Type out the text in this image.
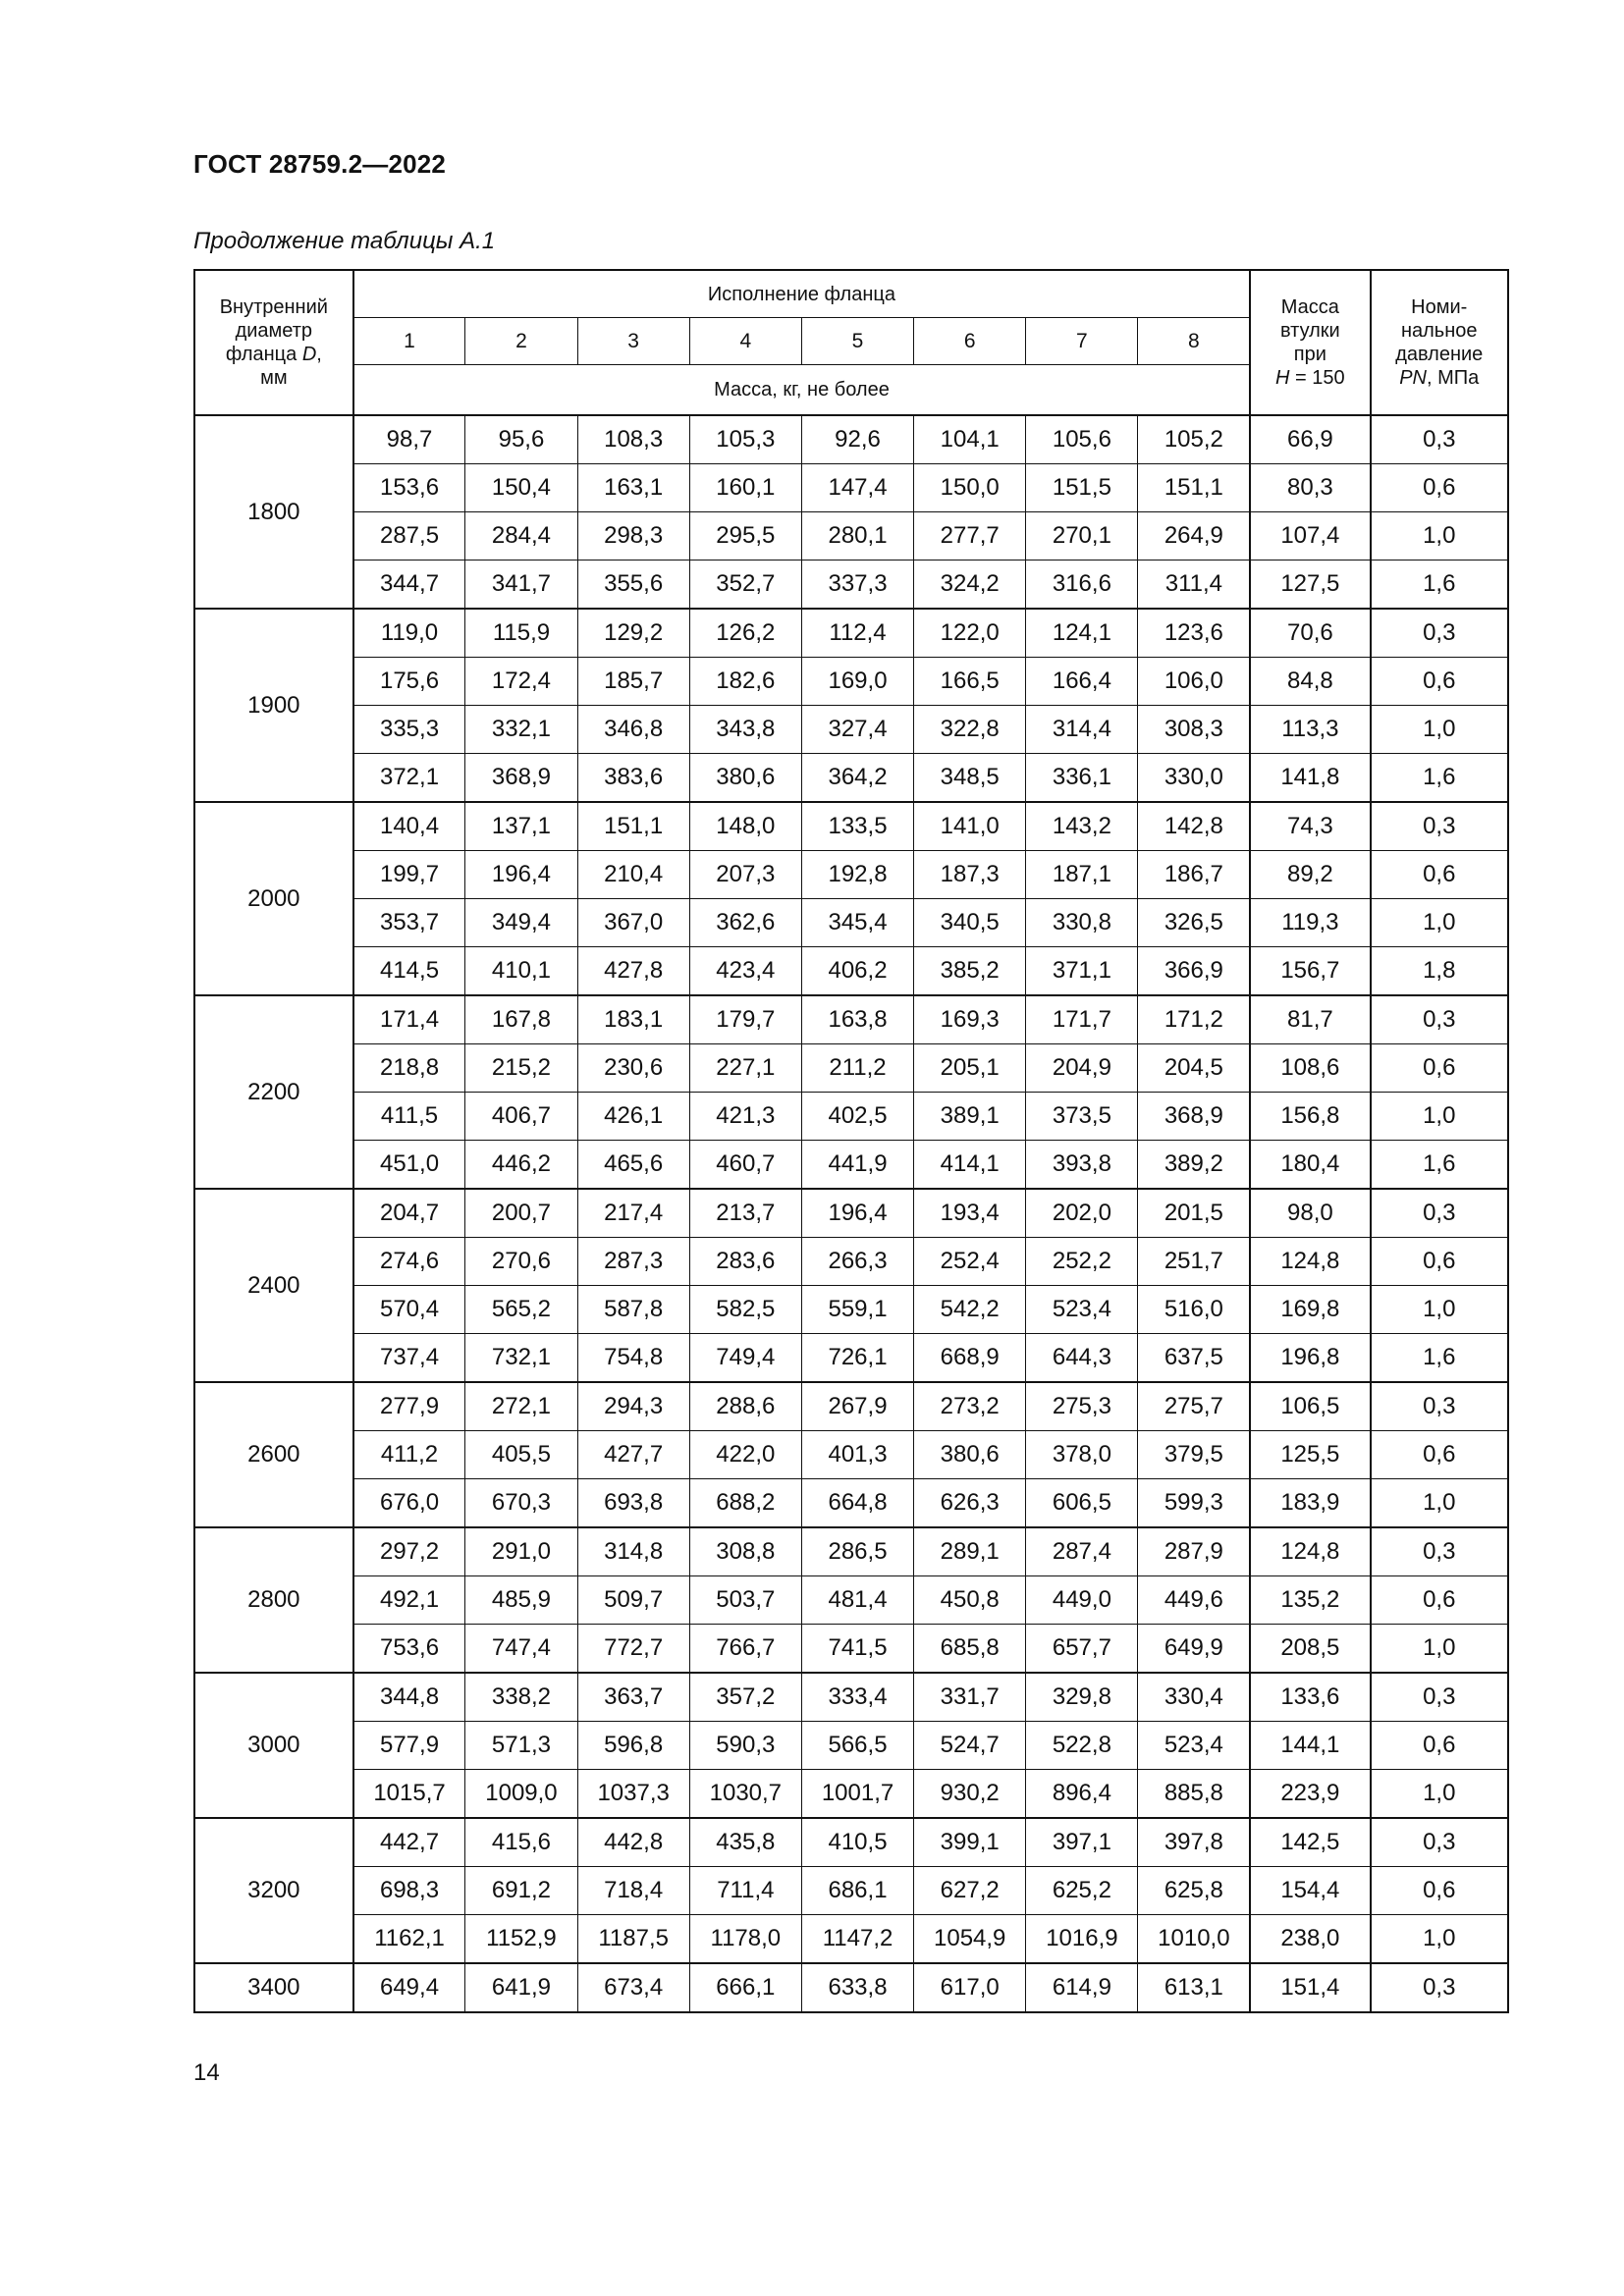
ГОСТ 28759.2—2022
Продолжение таблицы А.1
Внутренний
диаметр
фланца D,
мм	Исполнение фланца								Масса
втулки
при
H = 150	Номи-
нальное
давление
PN, МПа
	1	2	3	4	5	6	7	8		
	Масса, кг, не более									
1800	98,7	95,6	108,3	105,3	92,6	104,1	105,6	105,2	66,9	0,3
	153,6	150,4	163,1	160,1	147,4	150,0	151,5	151,1	80,3	0,6
	287,5	284,4	298,3	295,5	280,1	277,7	270,1	264,9	107,4	1,0
	344,7	341,7	355,6	352,7	337,3	324,2	316,6	311,4	127,5	1,6
1900	119,0	115,9	129,2	126,2	112,4	122,0	124,1	123,6	70,6	0,3
	175,6	172,4	185,7	182,6	169,0	166,5	166,4	106,0	84,8	0,6
	335,3	332,1	346,8	343,8	327,4	322,8	314,4	308,3	113,3	1,0
	372,1	368,9	383,6	380,6	364,2	348,5	336,1	330,0	141,8	1,6
2000	140,4	137,1	151,1	148,0	133,5	141,0	143,2	142,8	74,3	0,3
	199,7	196,4	210,4	207,3	192,8	187,3	187,1	186,7	89,2	0,6
	353,7	349,4	367,0	362,6	345,4	340,5	330,8	326,5	119,3	1,0
	414,5	410,1	427,8	423,4	406,2	385,2	371,1	366,9	156,7	1,8
2200	171,4	167,8	183,1	179,7	163,8	169,3	171,7	171,2	81,7	0,3
	218,8	215,2	230,6	227,1	211,2	205,1	204,9	204,5	108,6	0,6
	411,5	406,7	426,1	421,3	402,5	389,1	373,5	368,9	156,8	1,0
	451,0	446,2	465,6	460,7	441,9	414,1	393,8	389,2	180,4	1,6
2400	204,7	200,7	217,4	213,7	196,4	193,4	202,0	201,5	98,0	0,3
	274,6	270,6	287,3	283,6	266,3	252,4	252,2	251,7	124,8	0,6
	570,4	565,2	587,8	582,5	559,1	542,2	523,4	516,0	169,8	1,0
	737,4	732,1	754,8	749,4	726,1	668,9	644,3	637,5	196,8	1,6
2600	277,9	272,1	294,3	288,6	267,9	273,2	275,3	275,7	106,5	0,3
	411,2	405,5	427,7	422,0	401,3	380,6	378,0	379,5	125,5	0,6
	676,0	670,3	693,8	688,2	664,8	626,3	606,5	599,3	183,9	1,0
2800	297,2	291,0	314,8	308,8	286,5	289,1	287,4	287,9	124,8	0,3
	492,1	485,9	509,7	503,7	481,4	450,8	449,0	449,6	135,2	0,6
	753,6	747,4	772,7	766,7	741,5	685,8	657,7	649,9	208,5	1,0
3000	344,8	338,2	363,7	357,2	333,4	331,7	329,8	330,4	133,6	0,3
	577,9	571,3	596,8	590,3	566,5	524,7	522,8	523,4	144,1	0,6
	1015,7	1009,0	1037,3	1030,7	1001,7	930,2	896,4	885,8	223,9	1,0
3200	442,7	415,6	442,8	435,8	410,5	399,1	397,1	397,8	142,5	0,3
	698,3	691,2	718,4	711,4	686,1	627,2	625,2	625,8	154,4	0,6
	1162,1	1152,9	1187,5	1178,0	1147,2	1054,9	1016,9	1010,0	238,0	1,0
3400	649,4	641,9	673,4	666,1	633,8	617,0	614,9	613,1	151,4	0,3
14
